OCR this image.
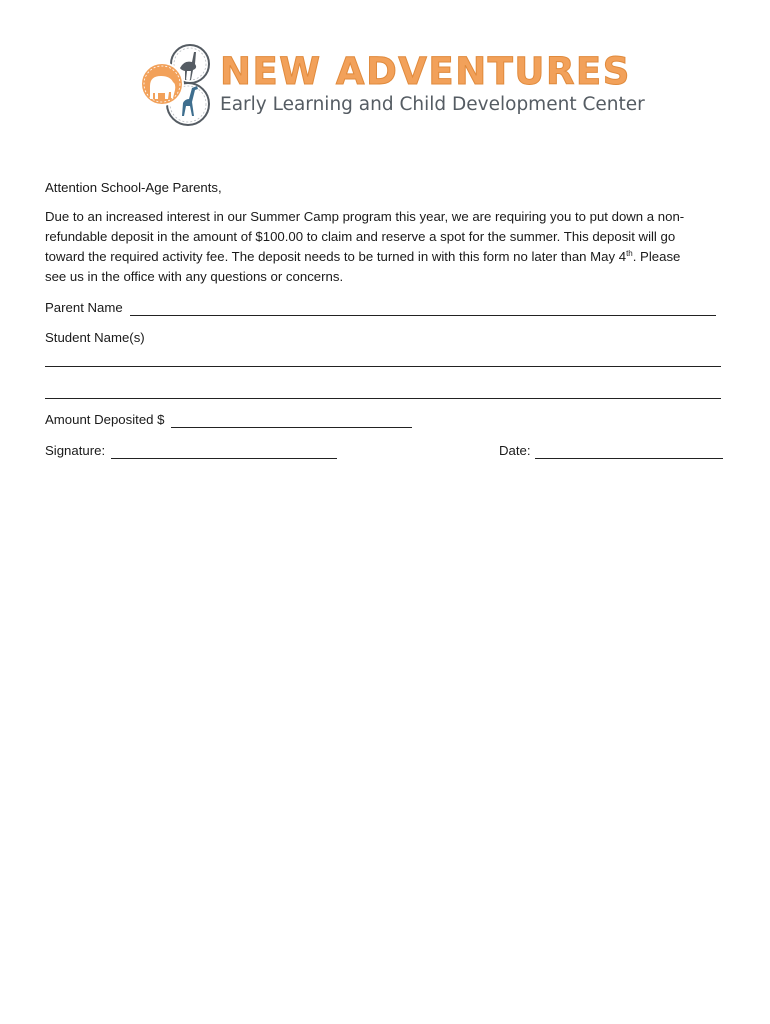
NEW ADVENTURES
Early Learning and Child Development Center
Attention School-Age Parents,
Due to an increased interest in our Summer Camp program this year, we are requiring you to put down a non-
refundable deposit in the amount of $100.00 to claim and reserve a spot for the summer. This deposit will go
toward the required activity fee. The deposit needs to be turned in with this form no later than May 4th. Please
see us in the office with any questions or concerns.
Parent Name
Student Name(s)
Amount Deposited $
Signature:	Date:
